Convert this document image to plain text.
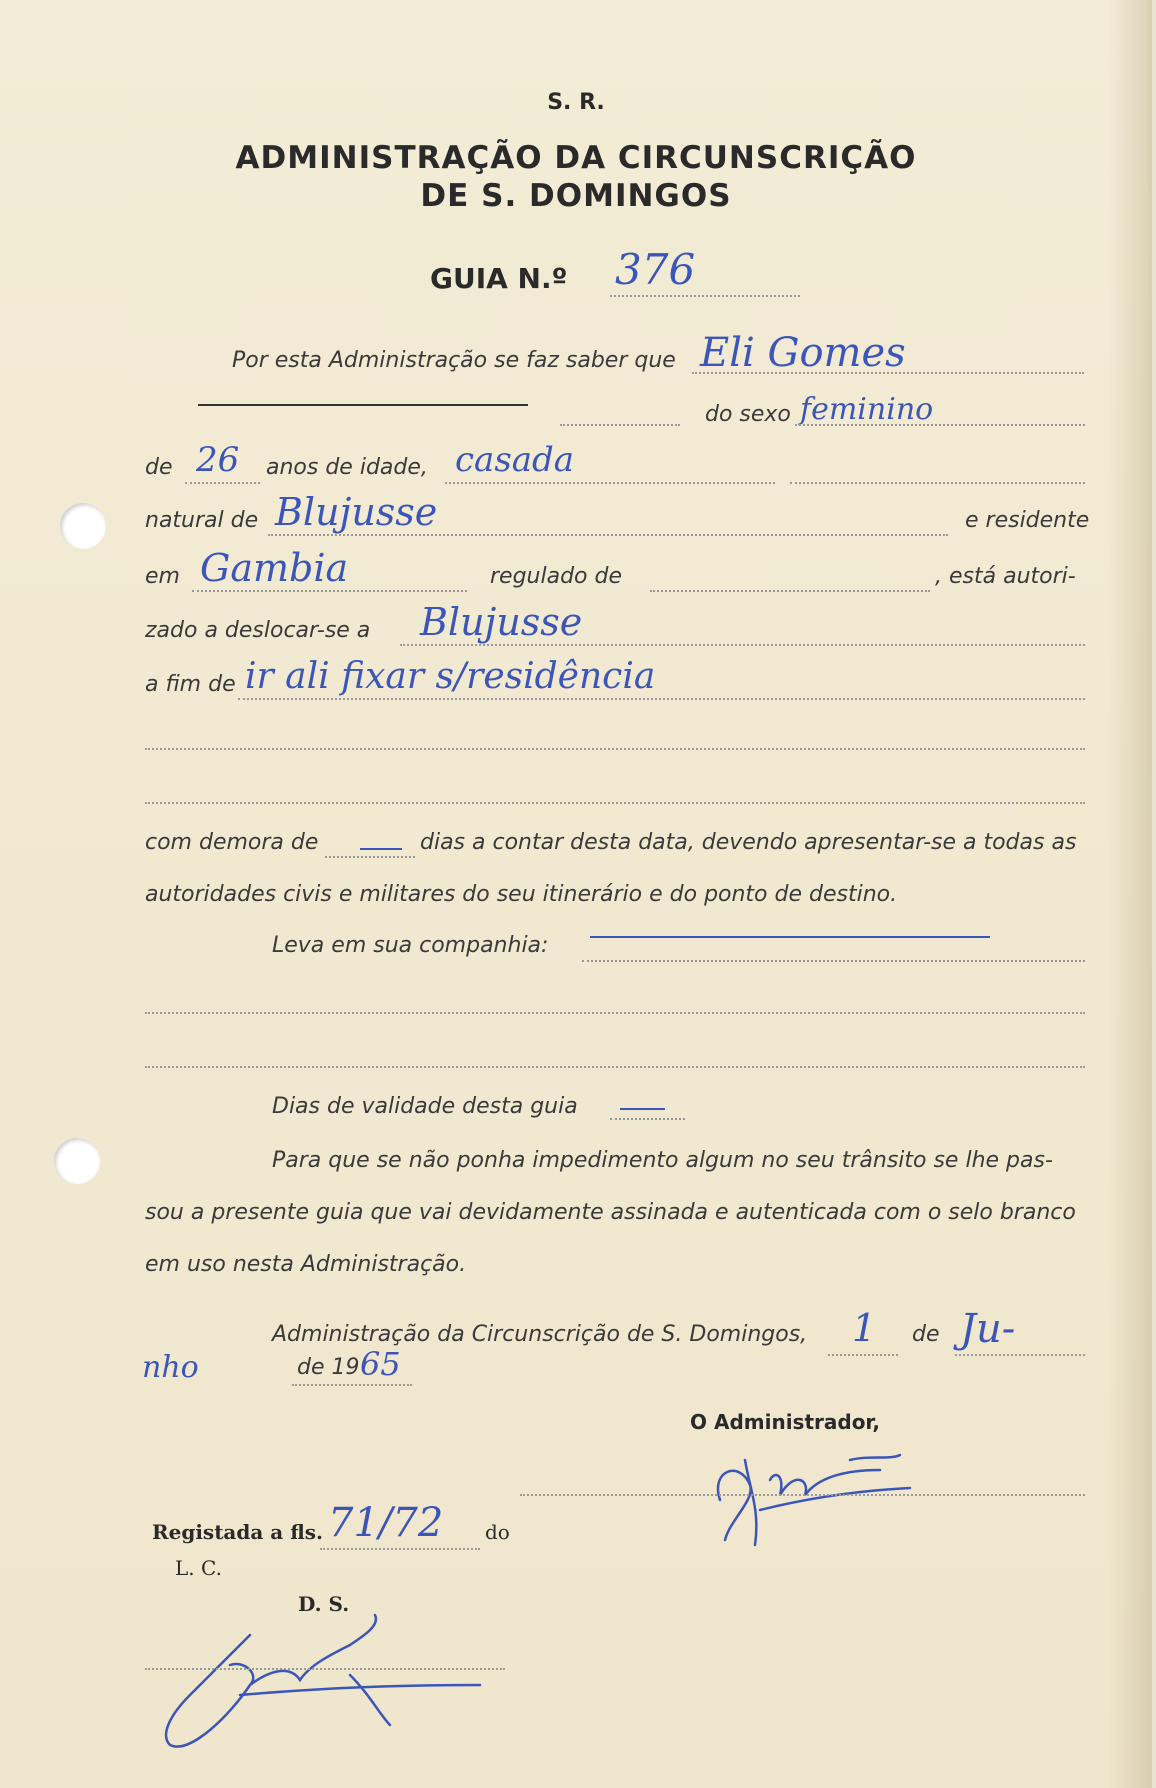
S. R.
ADMINISTRAÇÃO DA CIRCUNSCRIÇÃO
DE S. DOMINGOS
GUIA N.º 376
Por esta Administração se faz saber que Eli Gomes
do sexo feminino
de 26 anos de idade, casada
natural de Blujusse	e residente
em Gambia	regulado de	, está autori-
zado a deslocar-se a Blujusse
a fim de ir ali fixar s/residência
com demora de	dias a contar desta data, devendo apresentar-se a todas as
autoridades civis e militares do seu itinerário e do ponto de destino.
Leva em sua companhia:
Dias de validade desta guia
Para que se não ponha impedimento algum no seu trânsito se lhe pas-
sou a presente guia que vai devidamente assinada e autenticada com o selo branco
em uso nesta Administração.
Administração da Circunscrição de S. Domingos, 1 de Ju-
nho	de 19 65
O Administrador,
Registada a fls. 71/72 do
L. C.
D. S.
